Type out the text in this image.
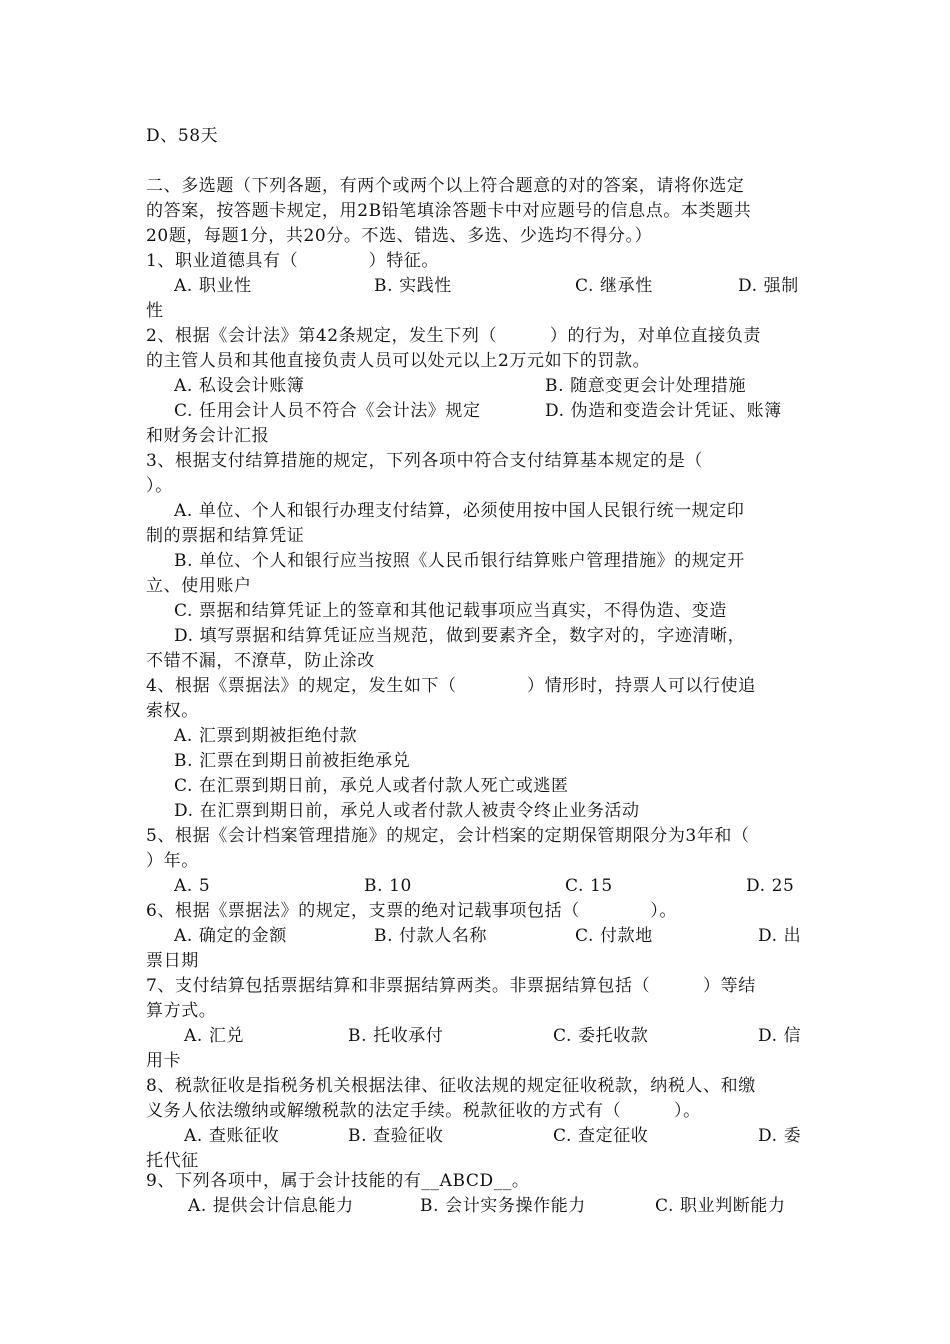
D、58天
二、多选题（下列各题，有两个或两个以上符合题意的对的答案，请将你选定
的答案，按答题卡规定，用2B铅笔填涂答题卡中对应题号的信息点。本类题共
20题，每题1分，共20分。不选、错选、多选、少选均不得分。）
1、职业道德具有（　　　　）特征。
A. 职业性	B. 实践性	C. 继承性	D. 强制
性
2、根据《会计法》第42条规定，发生下列（　　　）的行为，对单位直接负责
的主管人员和其他直接负责人员可以处元以上2万元如下的罚款。
A. 私设会计账簿	B. 随意变更会计处理措施
C. 任用会计人员不符合《会计法》规定	D. 伪造和变造会计凭证、账簿
和财务会计汇报
3、根据支付结算措施的规定，下列各项中符合支付结算基本规定的是（
）。
A. 单位、个人和银行办理支付结算，必须使用按中国人民银行统一规定印
制的票据和结算凭证
B. 单位、个人和银行应当按照《人民币银行结算账户管理措施》的规定开
立、使用账户
C. 票据和结算凭证上的签章和其他记载事项应当真实，不得伪造、变造
D. 填写票据和结算凭证应当规范，做到要素齐全，数字对的，字迹清晰，
不错不漏，不潦草，防止涂改
4、根据《票据法》的规定，发生如下（　　　　）情形时，持票人可以行使追
索权。
A. 汇票到期被拒绝付款
B. 汇票在到期日前被拒绝承兑
C. 在汇票到期日前，承兑人或者付款人死亡或逃匿
D. 在汇票到期日前，承兑人或者付款人被责令终止业务活动
5、根据《会计档案管理措施》的规定，会计档案的定期保管期限分为3年和（
）年。
A. 5	B. 10	C. 15	D. 25
6、根据《票据法》的规定，支票的绝对记载事项包括（　　　　）。
A. 确定的金额	B. 付款人名称	C. 付款地	D. 出
票日期
7、支付结算包括票据结算和非票据结算两类。非票据结算包括（　　　）等结
算方式。
A. 汇兑	B. 托收承付	C. 委托收款	D. 信
用卡
8、税款征收是指税务机关根据法律、征收法规的规定征收税款，纳税人、和缴
义务人依法缴纳或解缴税款的法定手续。税款征收的方式有（　　　）。
A. 查账征收	B. 查验征收	C. 查定征收	D. 委
托代征
9、下列各项中，属于会计技能的有__ABCD__。
A. 提供会计信息能力	B. 会计实务操作能力	C. 职业判断能力
